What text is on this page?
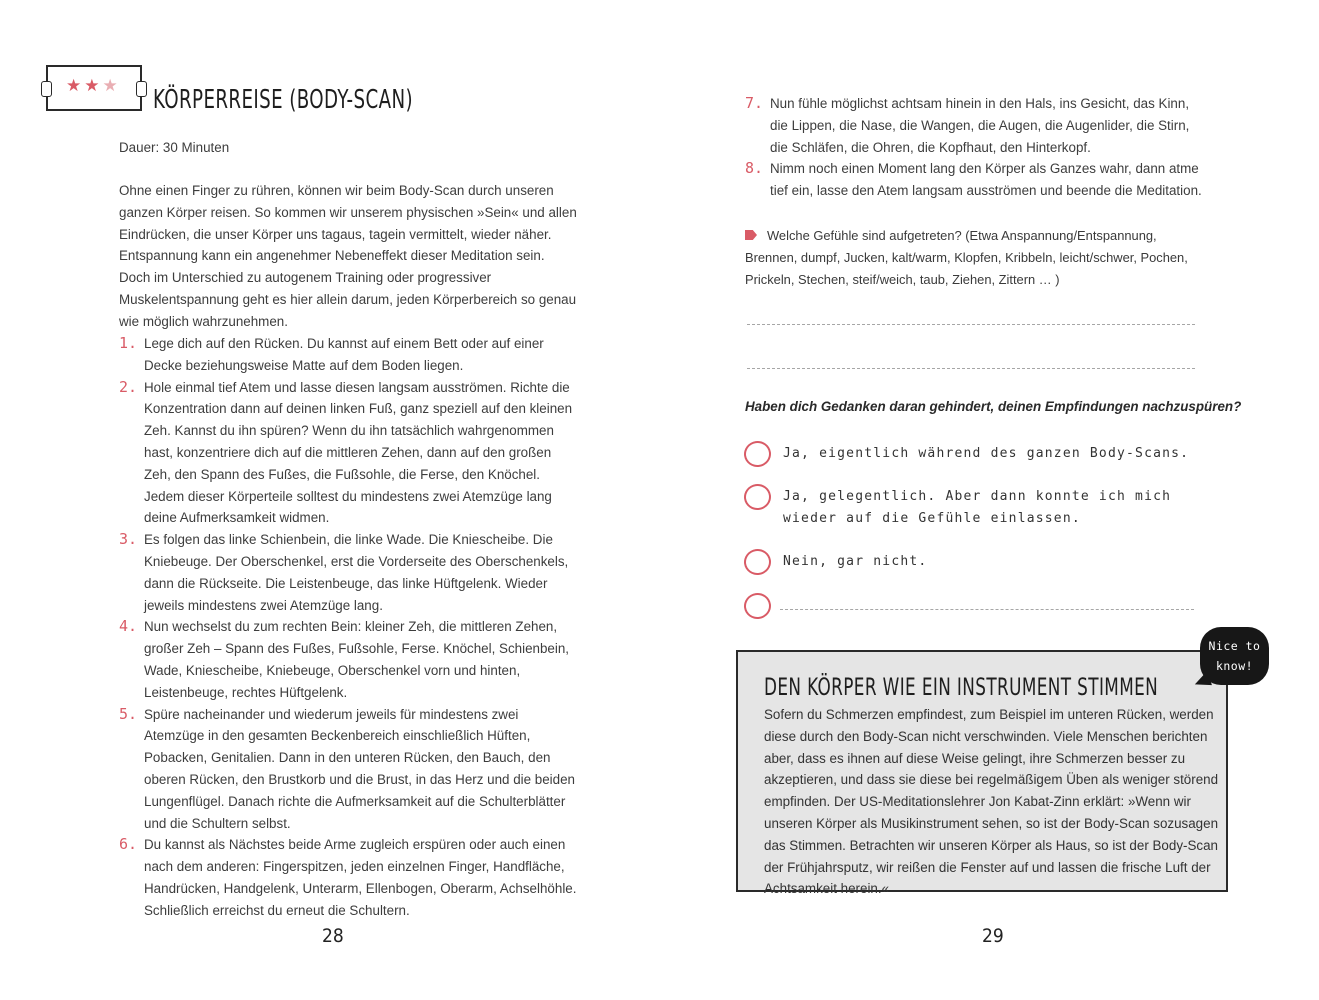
★★★ KÖRPERREISE (BODY-SCAN)
Dauer: 30 Minuten
Ohne einen Finger zu rühren, können wir beim Body-Scan durch unseren ganzen Körper reisen. So kommen wir unserem physischen »Sein« und allen Eindrücken, die unser Körper uns tagaus, tagein vermittelt, wieder näher. Entspannung kann ein angenehmer Nebeneffekt dieser Meditation sein. Doch im Unterschied zu autogenem Training oder progressiver Muskelentspannung geht es hier allein darum, jeden Körperbereich so genau wie möglich wahrzunehmen.
1. Lege dich auf den Rücken. Du kannst auf einem Bett oder auf einer Decke beziehungsweise Matte auf dem Boden liegen.
2. Hole einmal tief Atem und lasse diesen langsam ausströmen. Richte die Konzentration dann auf deinen linken Fuß, ganz speziell auf den kleinen Zeh. Kannst du ihn spüren? Wenn du ihn tatsächlich wahrgenommen hast, konzentriere dich auf die mittleren Zehen, dann auf den großen Zeh, den Spann des Fußes, die Fußsohle, die Ferse, den Knöchel. Jedem dieser Körperteile solltest du mindestens zwei Atemzüge lang deine Aufmerksamkeit widmen.
3. Es folgen das linke Schienbein, die linke Wade. Die Kniescheibe. Die Kniebeuge. Der Oberschenkel, erst die Vorderseite des Oberschenkels, dann die Rückseite. Die Leistenbeuge, das linke Hüftgelenk. Wieder jeweils mindestens zwei Atemzüge lang.
4. Nun wechselst du zum rechten Bein: kleiner Zeh, die mittleren Zehen, großer Zeh – Spann des Fußes, Fußsohle, Ferse. Knöchel, Schienbein, Wade, Kniescheibe, Kniebeuge, Oberschenkel vorn und hinten, Leistenbeuge, rechtes Hüftgelenk.
5. Spüre nacheinander und wiederum jeweils für mindestens zwei Atemzüge in den gesamten Beckenbereich einschließlich Hüften, Pobacken, Genitalien. Dann in den unteren Rücken, den Bauch, den oberen Rücken, den Brustkorb und die Brust, in das Herz und die beiden Lungenflügel. Danach richte die Aufmerksamkeit auf die Schulterblätter und die Schultern selbst.
6. Du kannst als Nächstes beide Arme zugleich erspüren oder auch einen nach dem anderen: Fingerspitzen, jeden einzelnen Finger, Handfläche, Handrücken, Handgelenk, Unterarm, Ellenbogen, Oberarm, Achselhöhle. Schließlich erreichst du erneut die Schultern.
28
7. Nun fühle möglichst achtsam hinein in den Hals, ins Gesicht, das Kinn, die Lippen, die Nase, die Wangen, die Augen, die Augenlider, die Stirn, die Schläfen, die Ohren, die Kopfhaut, den Hinterkopf.
8. Nimm noch einen Moment lang den Körper als Ganzes wahr, dann atme tief ein, lasse den Atem langsam ausströmen und beende die Meditation.
Welche Gefühle sind aufgetreten? (Etwa Anspannung/Entspannung, Brennen, dumpf, Jucken, kalt/warm, Klopfen, Kribbeln, leicht/schwer, Pochen, Prickeln, Stechen, steif/weich, taub, Ziehen, Zittern … )
Haben dich Gedanken daran gehindert, deinen Empfindungen nachzuspüren?
Ja, eigentlich während des ganzen Body-Scans.
Ja, gelegentlich. Aber dann konnte ich mich wieder auf die Gefühle einlassen.
Nein, gar nicht.
DEN KÖRPER WIE EIN INSTRUMENT STIMMEN
Sofern du Schmerzen empfindest, zum Beispiel im unteren Rücken, werden diese durch den Body-Scan nicht verschwinden. Viele Menschen berichten aber, dass es ihnen auf diese Weise gelingt, ihre Schmerzen besser zu akzeptieren, und dass sie diese bei regelmäßigem Üben als weniger störend empfinden. Der US-Meditationslehrer Jon Kabat-Zinn erklärt: »Wenn wir unseren Körper als Musikinstrument sehen, so ist der Body-Scan sozusagen das Stimmen. Betrachten wir unseren Körper als Haus, so ist der Body-Scan der Frühjahrsputz, wir reißen die Fenster auf und lassen die frische Luft der Achtsamkeit herein.«
Nice to
know!
29
